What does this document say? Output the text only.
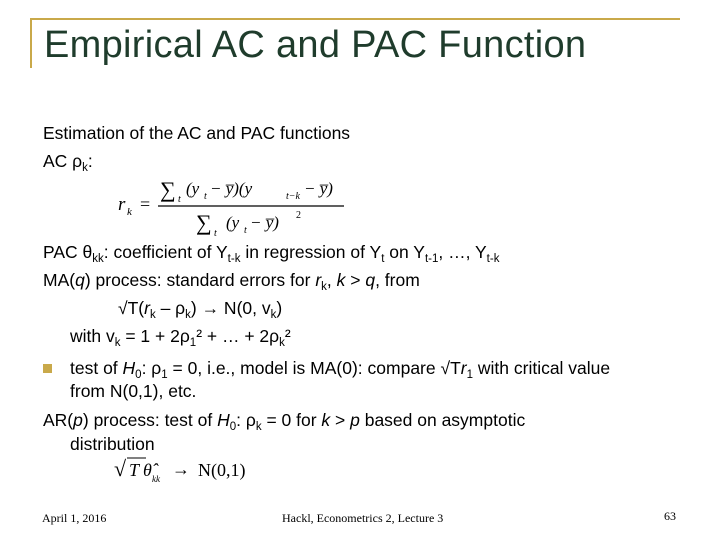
Empirical AC and PAC Function
Estimation of the AC and PAC functions
AC $\rho_k$:
r k =
∑ t
(y t − y̅)(y	t−k − y̅)
∑ t
(y t − y̅) 2
PAC $\theta_{kk}$: coefficient of $Y_{t-k}$ in regression of $Y_t$ on $Y_{t-1}$, …, $Y_{t-k}$
MA(q) process: standard errors for $r_k$, k > q, from
$√T(r_k - \rho_k) \to N(0$, $v_k$)
with $v_k = 1 + 2\rho_1^2$ + … + $2\rho_k^2$
test of $H_0$: $\rho_1 = 0$, i.e., model is MA(0): compare $√Tr_1$ with critical value
from N(0,1), etc.
AR(p) process: test of $H_0$: $\rho_k = 0$ for k > p based on asymptotic
distribution
√ T θ̂ kk → N(0,1)
April 1, 2016	Hackl, Econometrics 2, Lecture 3	63
